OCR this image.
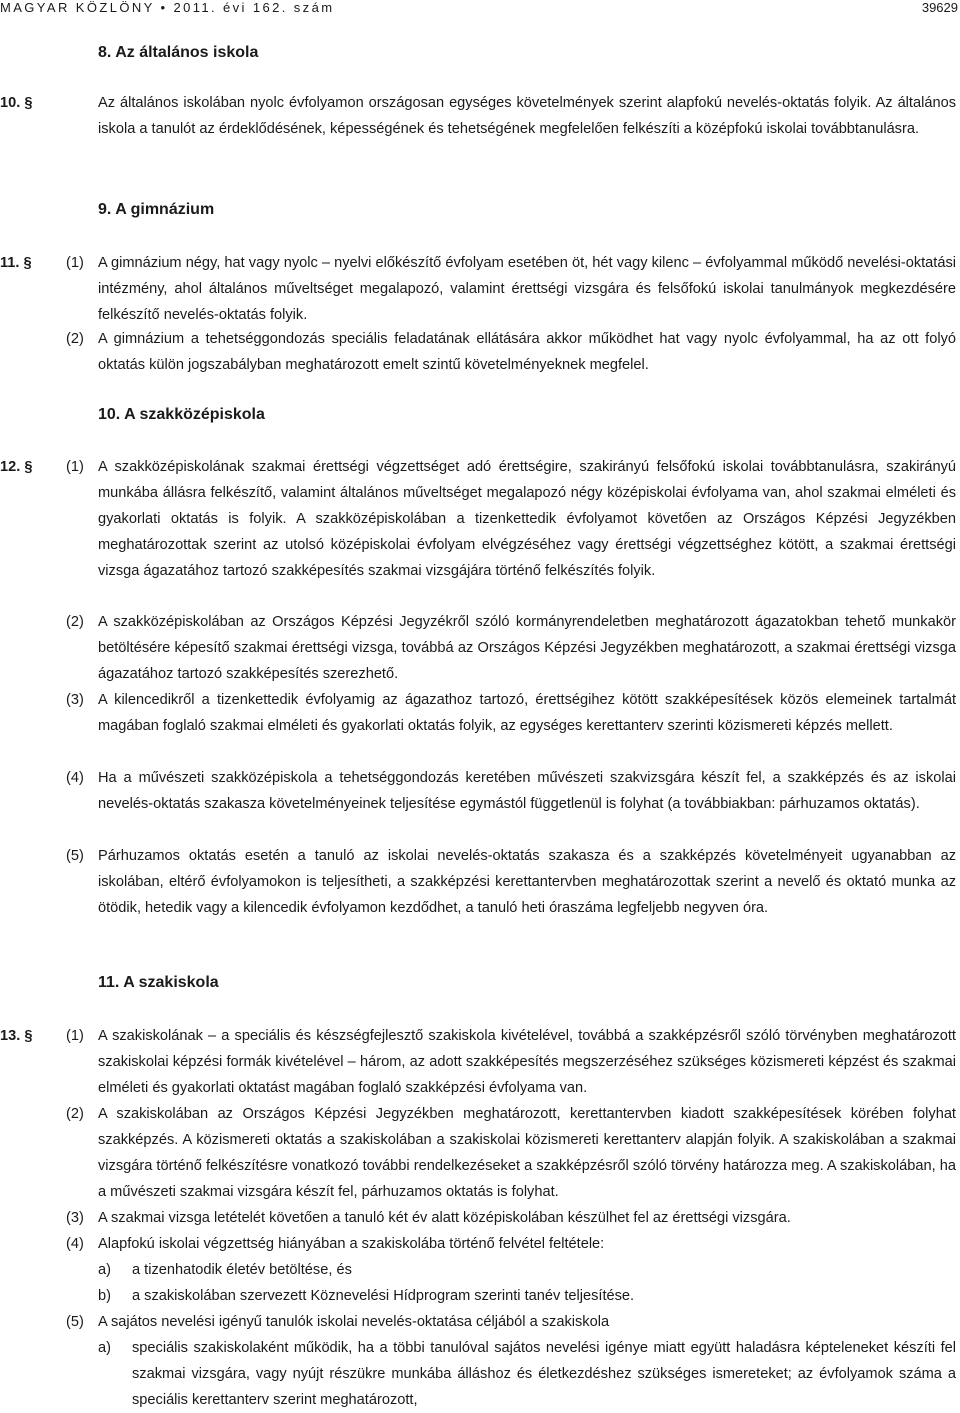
MAGYAR KÖZLÖNY • 2011. évi 162. szám	39629
8. Az általános iskola
10. §	Az általános iskolában nyolc évfolyamon országosan egységes követelmények szerint alapfokú nevelés-oktatás folyik. Az általános iskola a tanulót az érdeklődésének, képességének és tehetségének megfelelően felkészíti a középfokú iskolai továbbtanulásra.
9. A gimnázium
11. § (1) A gimnázium négy, hat vagy nyolc – nyelvi előkészítő évfolyam esetében öt, hét vagy kilenc – évfolyammal működő nevelési-oktatási intézmény, ahol általános műveltséget megalapozó, valamint érettségi vizsgára és felsőfokú iskolai tanulmányok megkezdésére felkészítő nevelés-oktatás folyik.
(2) A gimnázium a tehetséggondozás speciális feladatának ellátására akkor működhet hat vagy nyolc évfolyammal, ha az ott folyó oktatás külön jogszabályban meghatározott emelt szintű követelményeknek megfelel.
10. A szakközépiskola
12. § (1) A szakközépiskolának szakmai érettségi végzettséget adó érettségire, szakirányú felsőfokú iskolai továbbtanulásra, szakirányú munkába állásra felkészítő, valamint általános műveltséget megalapozó négy középiskolai évfolyama van, ahol szakmai elméleti és gyakorlati oktatás is folyik. A szakközépiskolában a tizenkettedik évfolyamot követően az Országos Képzési Jegyzékben meghatározottak szerint az utolsó középiskolai évfolyam elvégzéséhez vagy érettségi végzettséghez kötött, a szakmai érettségi vizsga ágazatához tartozó szakképesítés szakmai vizsgájára történő felkészítés folyik.
(2) A szakközépiskolában az Országos Képzési Jegyzékről szóló kormányrendeletben meghatározott ágazatokban tehető munkakör betöltésére képesítő szakmai érettségi vizsga, továbbá az Országos Képzési Jegyzékben meghatározott, a szakmai érettségi vizsga ágazatához tartozó szakképesítés szerezhető.
(3) A kilencedikről a tizenkettedik évfolyamig az ágazathoz tartozó, érettségihez kötött szakképesítések közös elemeinek tartalmát magában foglaló szakmai elméleti és gyakorlati oktatás folyik, az egységes kerettanterv szerinti közismereti képzés mellett.
(4) Ha a művészeti szakközépiskola a tehetséggondozás keretében művészeti szakvizsgára készít fel, a szakképzés és az iskolai nevelés-oktatás szakasza követelményeinek teljesítése egymástól függetlenül is folyhat (a továbbiakban: párhuzamos oktatás).
(5) Párhuzamos oktatás esetén a tanuló az iskolai nevelés-oktatás szakasza és a szakképzés követelményeit ugyanabban az iskolában, eltérő évfolyamokon is teljesítheti, a szakképzési kerettantervben meghatározottak szerint a nevelő és oktató munka az ötödik, hetedik vagy a kilencedik évfolyamon kezdődhet, a tanuló heti óraszáma legfeljebb negyven óra.
11. A szakiskola
13. § (1) A szakiskolának – a speciális és készségfejlesztő szakiskola kivételével, továbbá a szakképzésről szóló törvényben meghatározott szakiskolai képzési formák kivételével – három, az adott szakképesítés megszerzéséhez szükséges közismereti képzést és szakmai elméleti és gyakorlati oktatást magában foglaló szakképzési évfolyama van.
(2) A szakiskolában az Országos Képzési Jegyzékben meghatározott, kerettantervben kiadott szakképesítések körében folyhat szakképzés. A közismereti oktatás a szakiskolában a szakiskolai közismereti kerettanterv alapján folyik. A szakiskolában a szakmai vizsgára történő felkészítésre vonatkozó további rendelkezéseket a szakképzésről szóló törvény határozza meg. A szakiskolában, ha a művészeti szakmai vizsgára készít fel, párhuzamos oktatás is folyhat.
(3) A szakmai vizsga letételét követően a tanuló két év alatt középiskolában készülhet fel az érettségi vizsgára.
(4) Alapfokú iskolai végzettség hiányában a szakiskolába történő felvétel feltétele:
a) a tizenhatodik életév betöltése, és
b) a szakiskolában szervezett Köznevelési Hídprogram szerinti tanév teljesítése.
(5) A sajátos nevelési igényű tanulók iskolai nevelés-oktatása céljából a szakiskola
a) speciális szakiskolaként működik, ha a többi tanulóval sajátos nevelési igénye miatt együtt haladásra képteleneket készíti fel szakmai vizsgára, vagy nyújt részükre munkába álláshoz és életkezdéshez szükséges ismereteket; az évfolyamok száma a speciális kerettanterv szerint meghatározott,
